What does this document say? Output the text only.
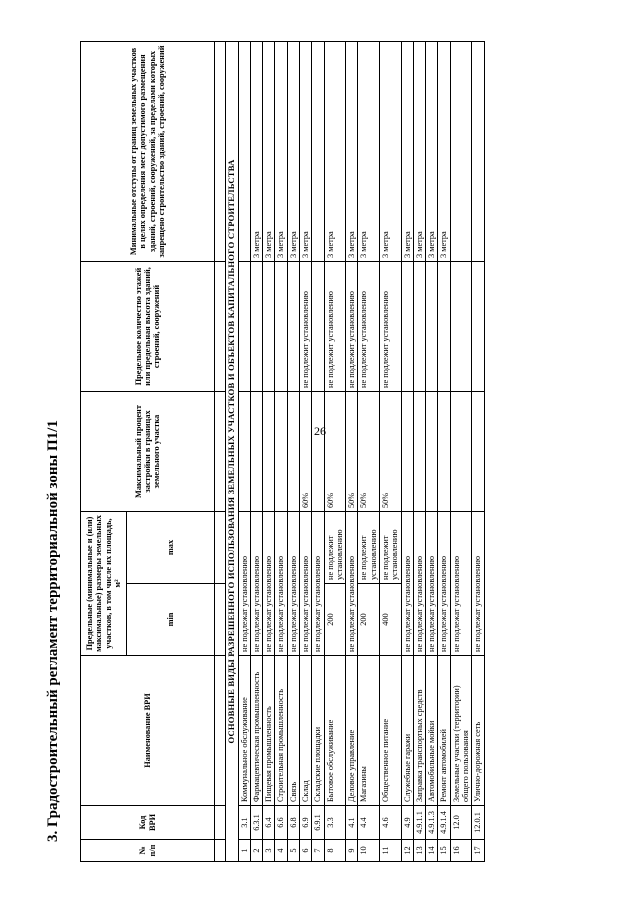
26
3. Градостроительный регламент территориальной зоны П1/1
№ п/п	Код ВРИ	Наименование ВРИ	Предельные (минимальные и (или) максимальные) размеры земельных участков, в том числе их площадь, м²		Максимальный процент застройки в границах земельного участка	Предельное количество этажей или предельная высота зданий, строений, сооружений	Минимальные отступы от границ земельных участков в целях определения мест допустимого размещения зданий, строений, сооружений, за пределами которых запрещено строительство зданий, строений, сооружений
			min	max			

ОСНОВНЫЕ ВИДЫ РАЗРЕШЕННОГО ИСПОЛЬЗОВАНИЯ ЗЕМЕЛЬНЫХ УЧАСТКОВ И ОБЪЕКТОВ КАПИТАЛЬНОГО СТРОИТЕЛЬСТВА							
1	3.1	Коммунальное обслуживание	не подлежат установлению				
2	6.3.1	Фармацевтическая промышленность	не подлежат установлению				3 метра
3	6.4	Пищевая промышленность	не подлежат установлению				3 метра
4	6.6	Строительная промышленность	не подлежат установлению				3 метра
5	6.8	Связь	не подлежат установлению				3 метра
6	6.9	Склад	не подлежат установлению		60%	не подлежит установлению	3 метра
7	6.9.1	Складские площадки	не подлежат установлению				
8	3.3	Бытовое обслуживание	200	не подлежит установлению	60%	не подлежит установлению	3 метра
9	4.1	Деловое управление	не подлежат установлению		50%	не подлежит установлению	3 метра
10	4.4	Магазины	200	не подлежит установлению	50%	не подлежит установлению	3 метра
11	4.6	Общественное питание	400	не подлежит установлению	50%	не подлежит установлению	3 метра
12	4.9	Служебные гаражи	не подлежат установлению				3 метра
13	4.9.1.1	Заправка транспортных средств	не подлежат установлению				3 метра
14	4.9.1.3	Автомобильные мойки	не подлежат установлению				3 метра
15	4.9.1.4	Ремонт автомобилей	не подлежат установлению				3 метра
16	12.0	Земельные участки (территории) общего пользования	не подлежат установлению				
17	12.0.1	Улично-дорожная сеть	не подлежат установлению				
